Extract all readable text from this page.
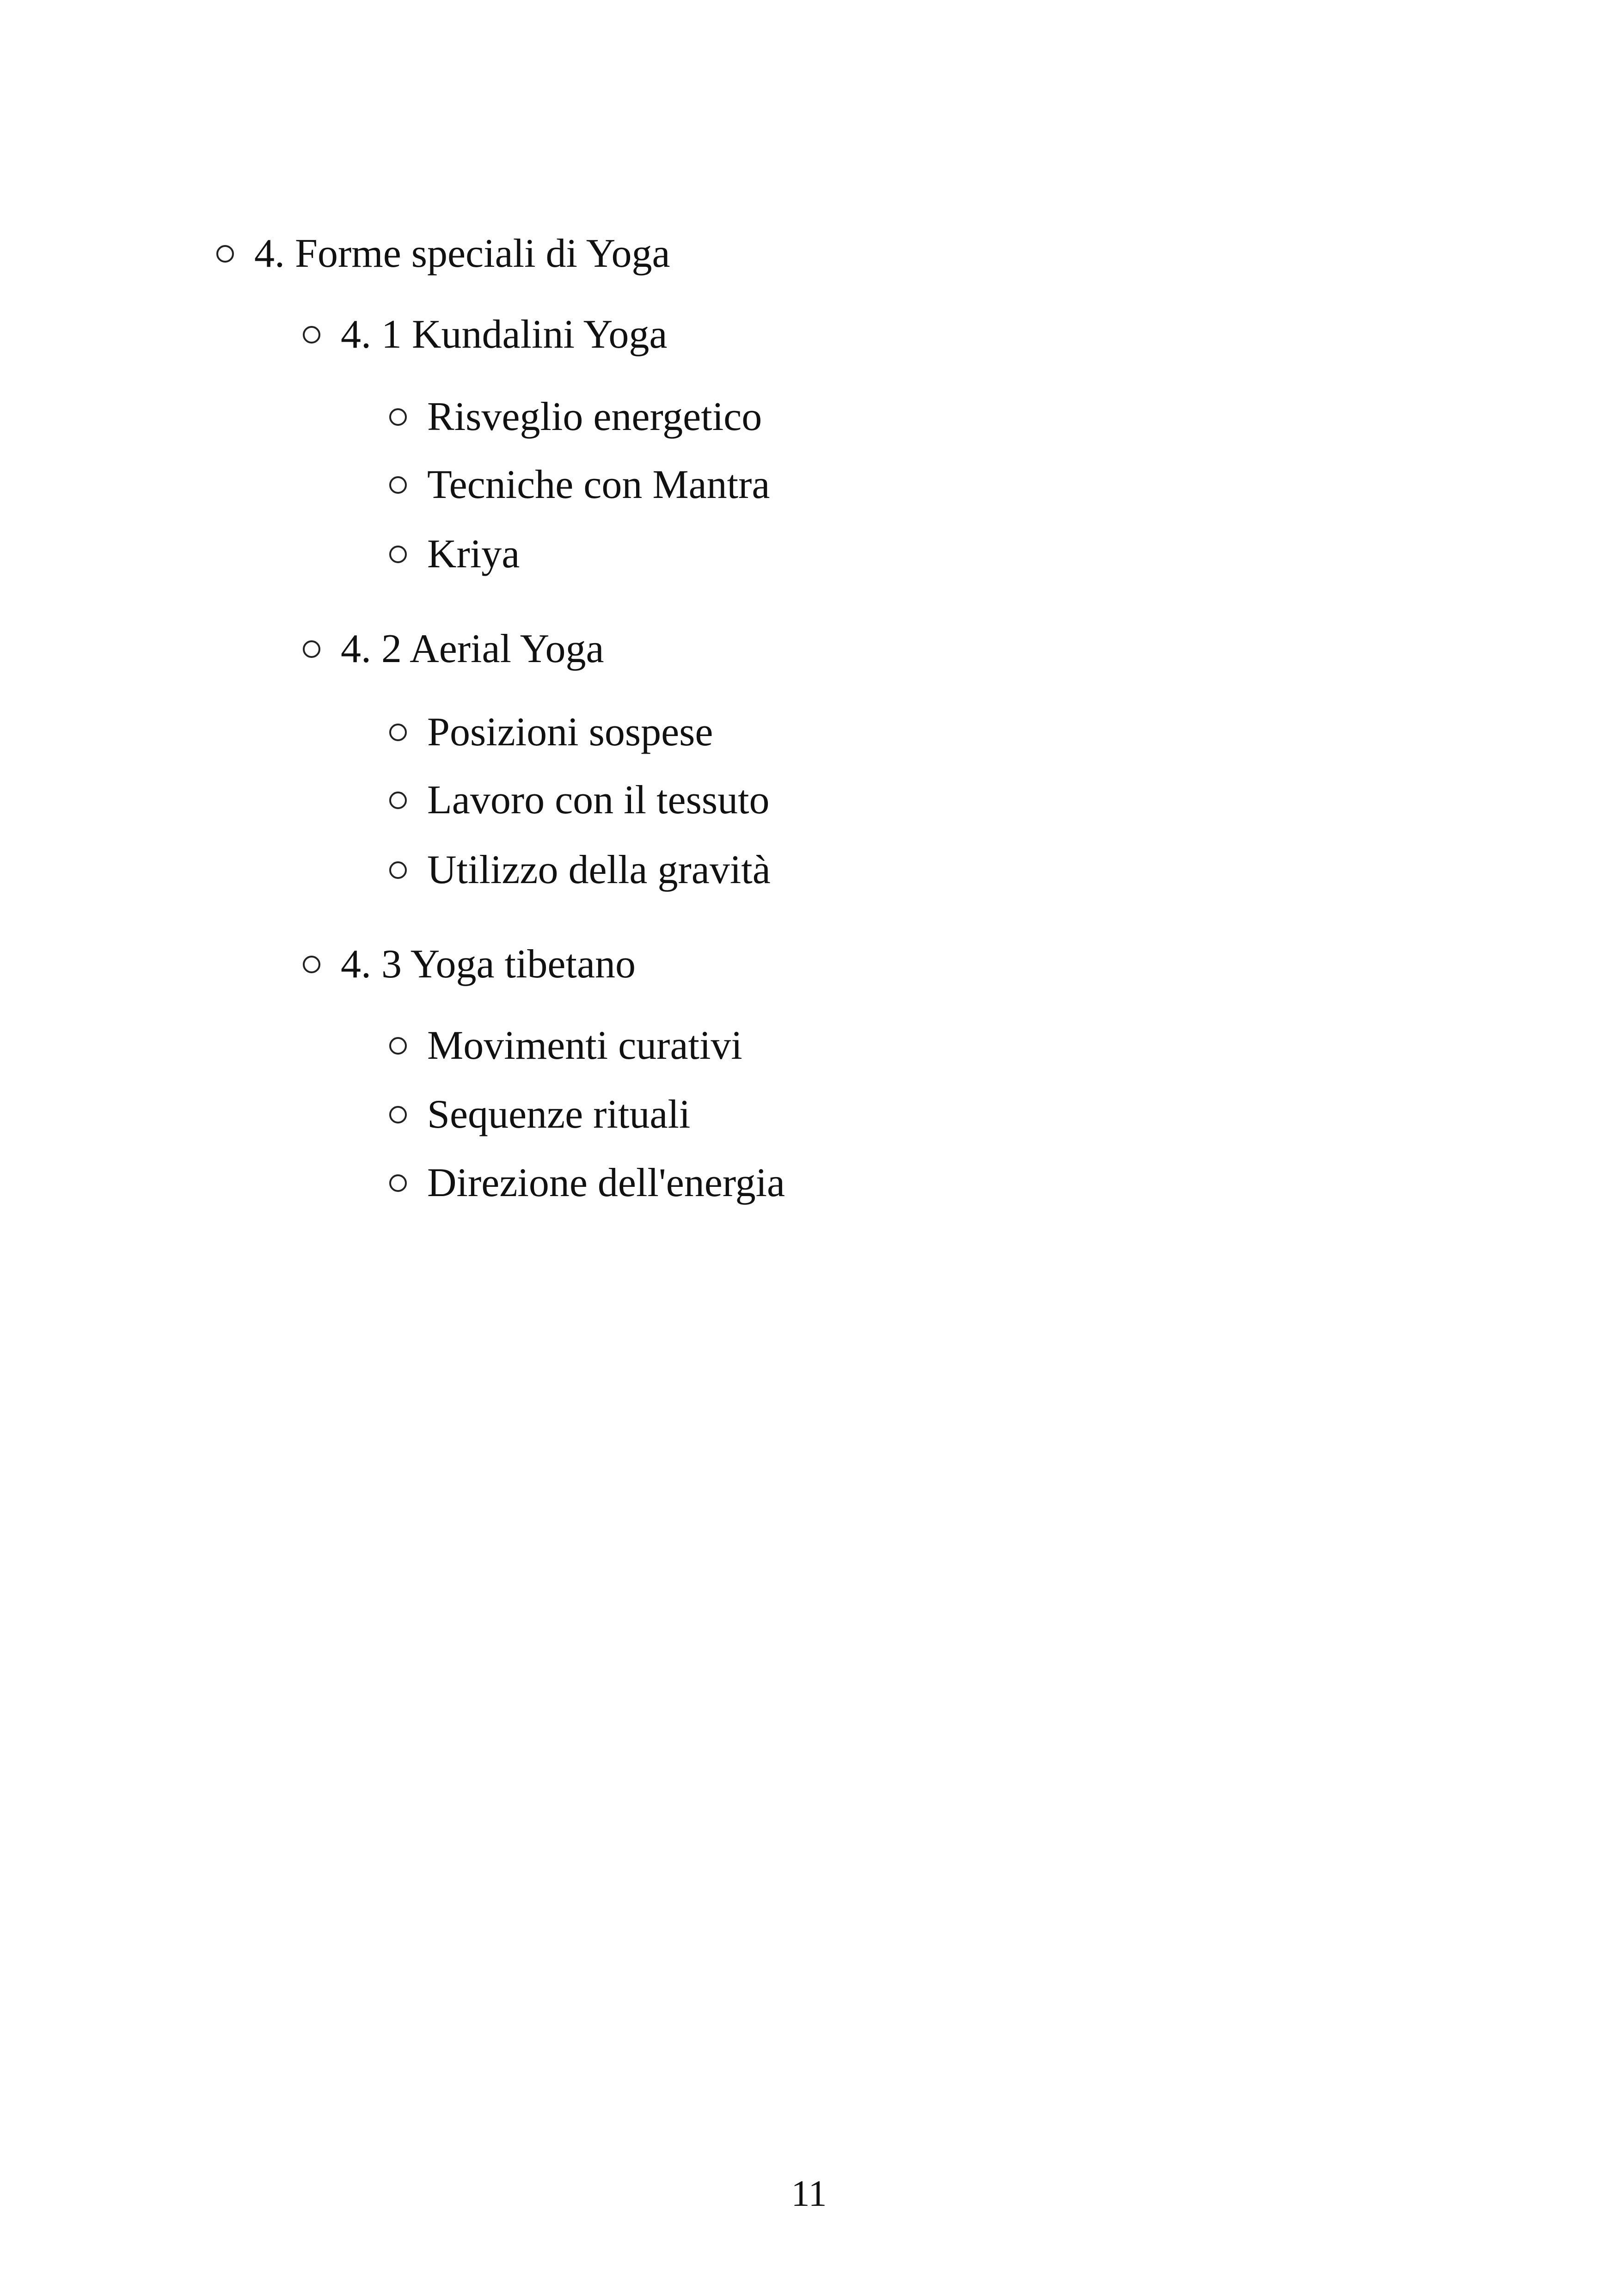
4. Forme speciali di Yoga
4. 1 Kundalini Yoga
Risveglio energetico
Tecniche con Mantra
Kriya
4. 2 Aerial Yoga
Posizioni sospese
Lavoro con il tessuto
Utilizzo della gravità
4. 3 Yoga tibetano
Movimenti curativi
Sequenze rituali
Direzione dell'energia
11
